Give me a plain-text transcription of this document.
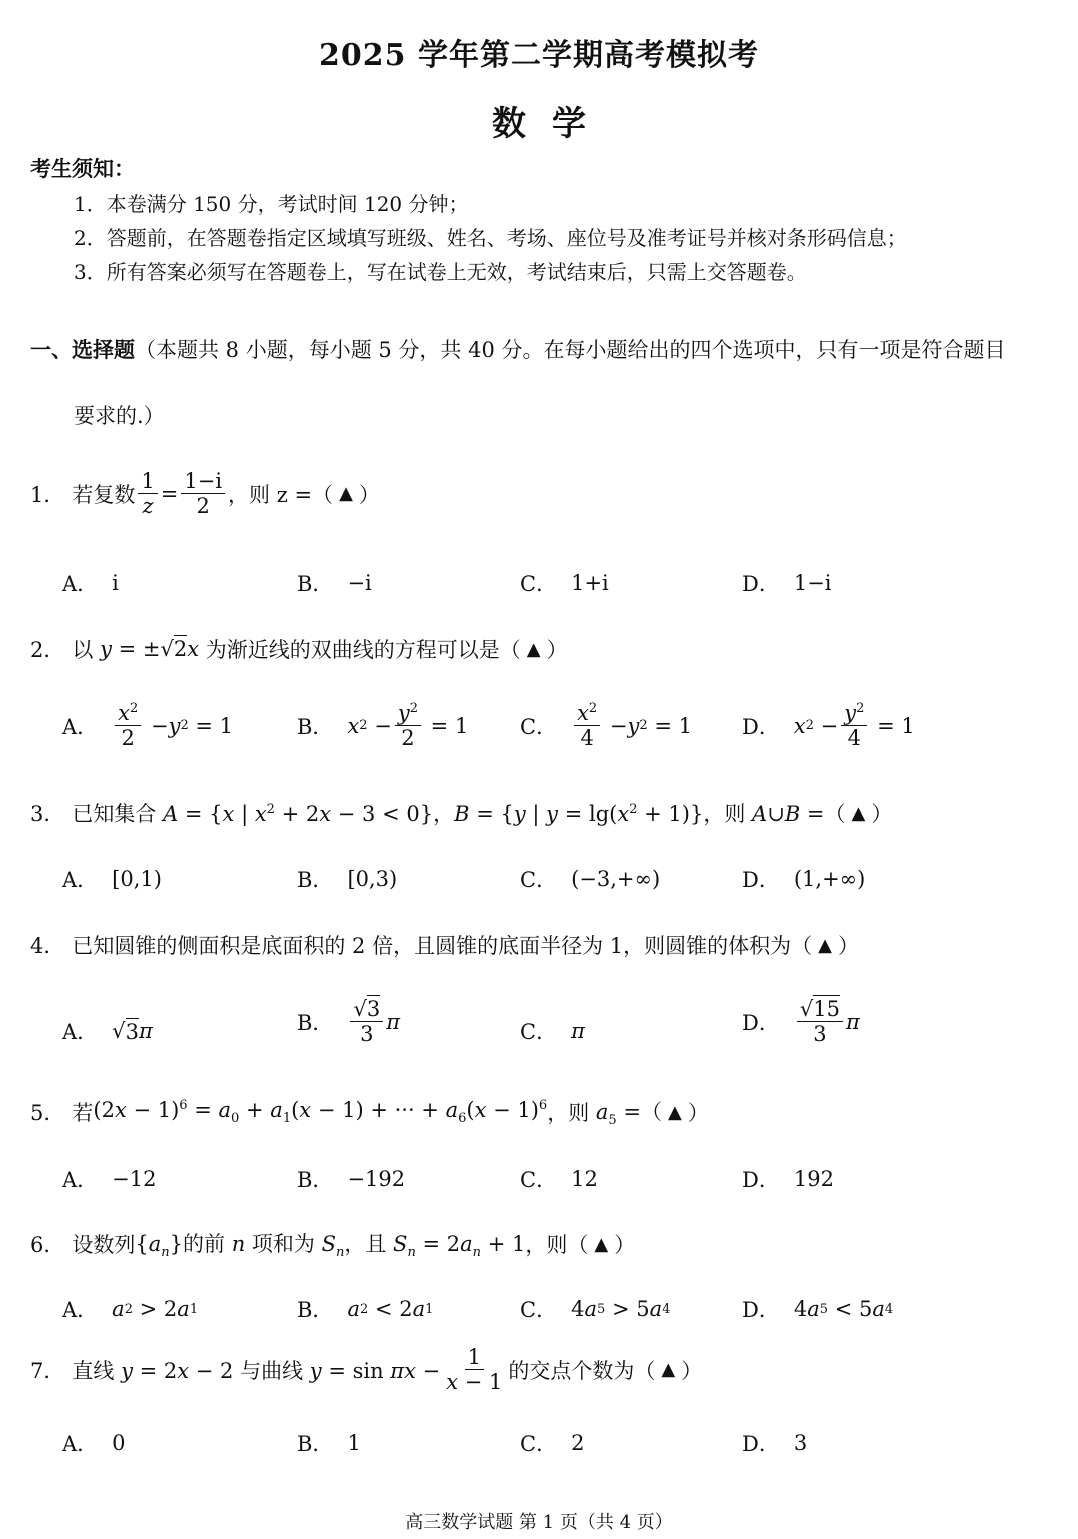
2025 学年第二学期高考模拟考
数学
考生须知：
1．本卷满分 150 分，考试时间 120 分钟；
2．答题前，在答题卷指定区域填写班级、姓名、考场、座位号及准考证号并核对条形码信息；
3．所有答案必须写在答题卷上，写在试卷上无效，考试结束后，只需上交答题卷。
一、选择题（本题共 8 小题，每小题 5 分，共 40 分。在每小题给出的四个选项中，只有一项是符合题目
要求的.）
1． 若复数 $\frac{1}{z} = \frac{1-i}{2}$ ，则 z =（ ▲ ）
A． i	B． −i	C． 1+i	D． 1−i
2． 以 y = ±√2x 为渐近线的双曲线的方程可以是（ ▲ ）
A． $\frac{x^2}{2} - y$ 2 = 1	B． x $2 - \frac{y^2}{2} = 1$ C． $\frac{x^2}{4} - y$ 2 = 1 D． x $2 - \frac{y^2}{4} = 1$
3． 已知集合 A = {x | $x^2 + 2x - 3 < 0$}，B = {y | $y = \lg(x^2 + 1)$} ，则 A∪B =（ ▲ ）
A． [0,1)	B． [0,3)	C． (−3,+∞)	D． (1,+∞)
4． 已知圆锥的侧面积是底面积的 2 倍，且圆锥的底面半径为 1，则圆锥的体积为（ ▲ ）
A． √ 3 π	B． $\frac{√3}{3}$ π	C． π	D． $\frac{√15}{3}$ π
5． 若 $(2x - 1)^6 = a_0 + a_1(x - 1)$ + ··· + $a_6(x - 1)^6$ ，则 $a_5$ =（ ▲ ）
A． −12	B． −192	C． 12	D． 192
6． 设数列 $\{a_n\}$的前 n 项和为 $S_n$，且 $S_n = 2a_n + 1$ ，则（ ▲ ）
A． a 2 > 2 a 1	B． a 2 < 2 a 1	C． 4 a 5 > 5 a 4	D． 4 a 5 < 5 a 4
7． 直线 y = 2x − 2 与曲线 $y = \sin \pi x - \frac{1}{x - 1}$ 的交点个数为（ ▲ ）
A． 0	B． 1	C． 2	D． 3
高三数学试题 第 1 页（共 4 页）
